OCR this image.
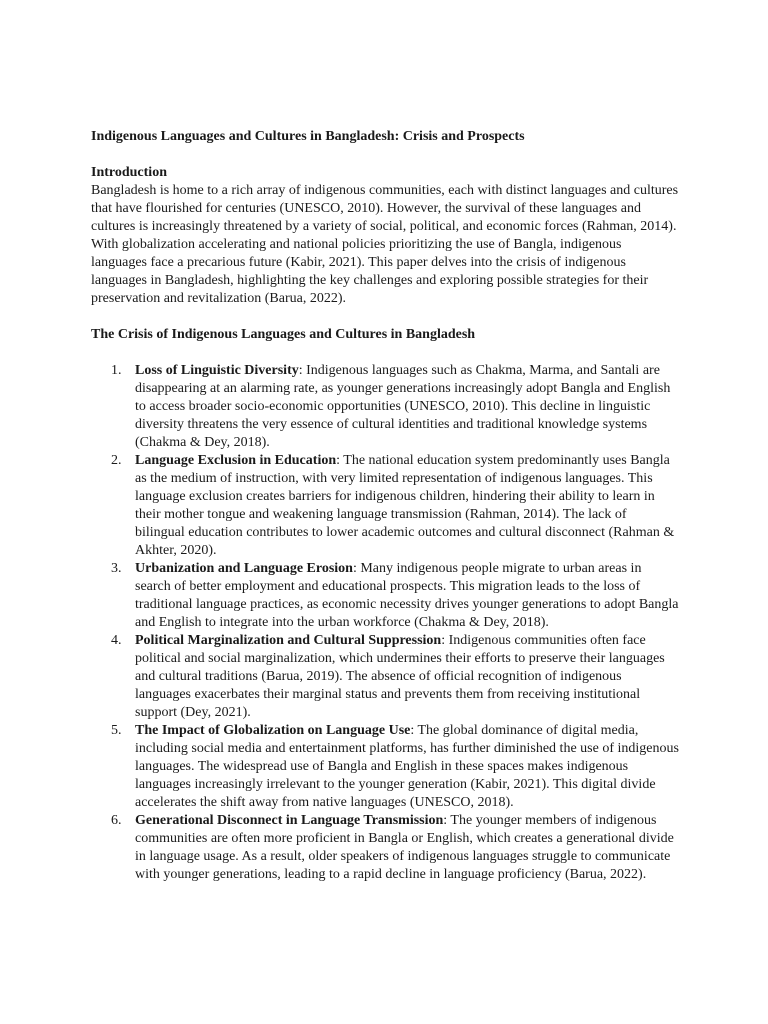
Indigenous Languages and Cultures in Bangladesh: Crisis and Prospects

Introduction

Bangladesh is home to a rich array of indigenous communities, each with distinct languages and cultures that have flourished for centuries (UNESCO, 2010). However, the survival of these languages and cultures is increasingly threatened by a variety of social, political, and economic forces (Rahman, 2014). With globalization accelerating and national policies prioritizing the use of Bangla, indigenous languages face a precarious future (Kabir, 2021). This paper delves into the crisis of indigenous languages in Bangladesh, highlighting the key challenges and exploring possible strategies for their preservation and revitalization (Barua, 2022).

The Crisis of Indigenous Languages and Cultures in Bangladesh

1. Loss of Linguistic Diversity: Indigenous languages such as Chakma, Marma, and Santali are disappearing at an alarming rate, as younger generations increasingly adopt Bangla and English to access broader socio-economic opportunities (UNESCO, 2010). This decline in linguistic diversity threatens the very essence of cultural identities and traditional knowledge systems (Chakma & Dey, 2018).
2. Language Exclusion in Education: The national education system predominantly uses Bangla as the medium of instruction, with very limited representation of indigenous languages. This language exclusion creates barriers for indigenous children, hindering their ability to learn in their mother tongue and weakening language transmission (Rahman, 2014). The lack of bilingual education contributes to lower academic outcomes and cultural disconnect (Rahman & Akhter, 2020).
3. Urbanization and Language Erosion: Many indigenous people migrate to urban areas in search of better employment and educational prospects. This migration leads to the loss of traditional language practices, as economic necessity drives younger generations to adopt Bangla and English to integrate into the urban workforce (Chakma & Dey, 2018).
4. Political Marginalization and Cultural Suppression: Indigenous communities often face political and social marginalization, which undermines their efforts to preserve their languages and cultural traditions (Barua, 2019). The absence of official recognition of indigenous languages exacerbates their marginal status and prevents them from receiving institutional support (Dey, 2021).
5. The Impact of Globalization on Language Use: The global dominance of digital media, including social media and entertainment platforms, has further diminished the use of indigenous languages. The widespread use of Bangla and English in these spaces makes indigenous languages increasingly irrelevant to the younger generation (Kabir, 2021). This digital divide accelerates the shift away from native languages (UNESCO, 2018).
6. Generational Disconnect in Language Transmission: The younger members of indigenous communities are often more proficient in Bangla or English, which creates a generational divide in language usage. As a result, older speakers of indigenous languages struggle to communicate with younger generations, leading to a rapid decline in language proficiency (Barua, 2022).
